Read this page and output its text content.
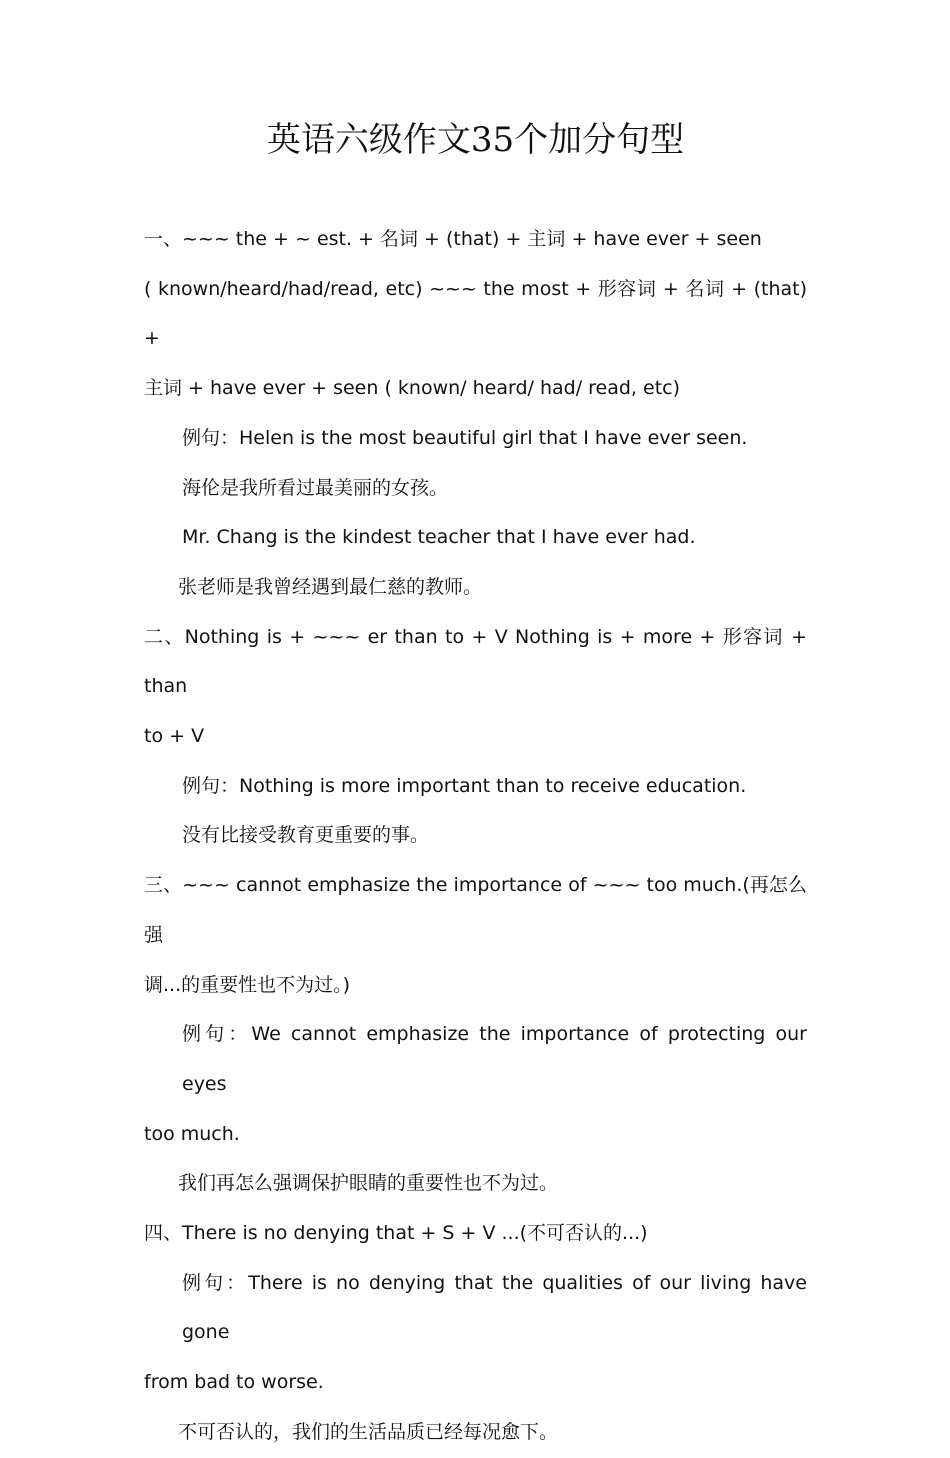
英语六级作文35个加分句型

一、~~~ the + ~ est. + 名词 + (that) + 主词 + have ever + seen

( known/heard/had/read, etc) ~~~ the most + 形容词 + 名词 + (that) +

主词 + have ever + seen ( known/ heard/ had/ read, etc)

例句：Helen is the most beautiful girl that I have ever seen.

海伦是我所看过最美丽的女孩。

Mr. Chang is the kindest teacher that I have ever had.

张老师是我曾经遇到最仁慈的教师。

二、Nothing is + ~~~ er than to + V Nothing is + more + 形容词 + than

to + V

例句：Nothing is more important than to receive education.

没有比接受教育更重要的事。

三、~~~ cannot emphasize the importance of ~~~ too much.(再怎么强

调...的重要性也不为过。)

例句：We cannot emphasize the importance of protecting our eyes

too much.

我们再怎么强调保护眼睛的重要性也不为过。

四、There is no denying that + S + V ...(不可否认的...)

例句：There is no denying that the qualities of our living have gone

from bad to worse.

不可否认的，我们的生活品质已经每况愈下。
